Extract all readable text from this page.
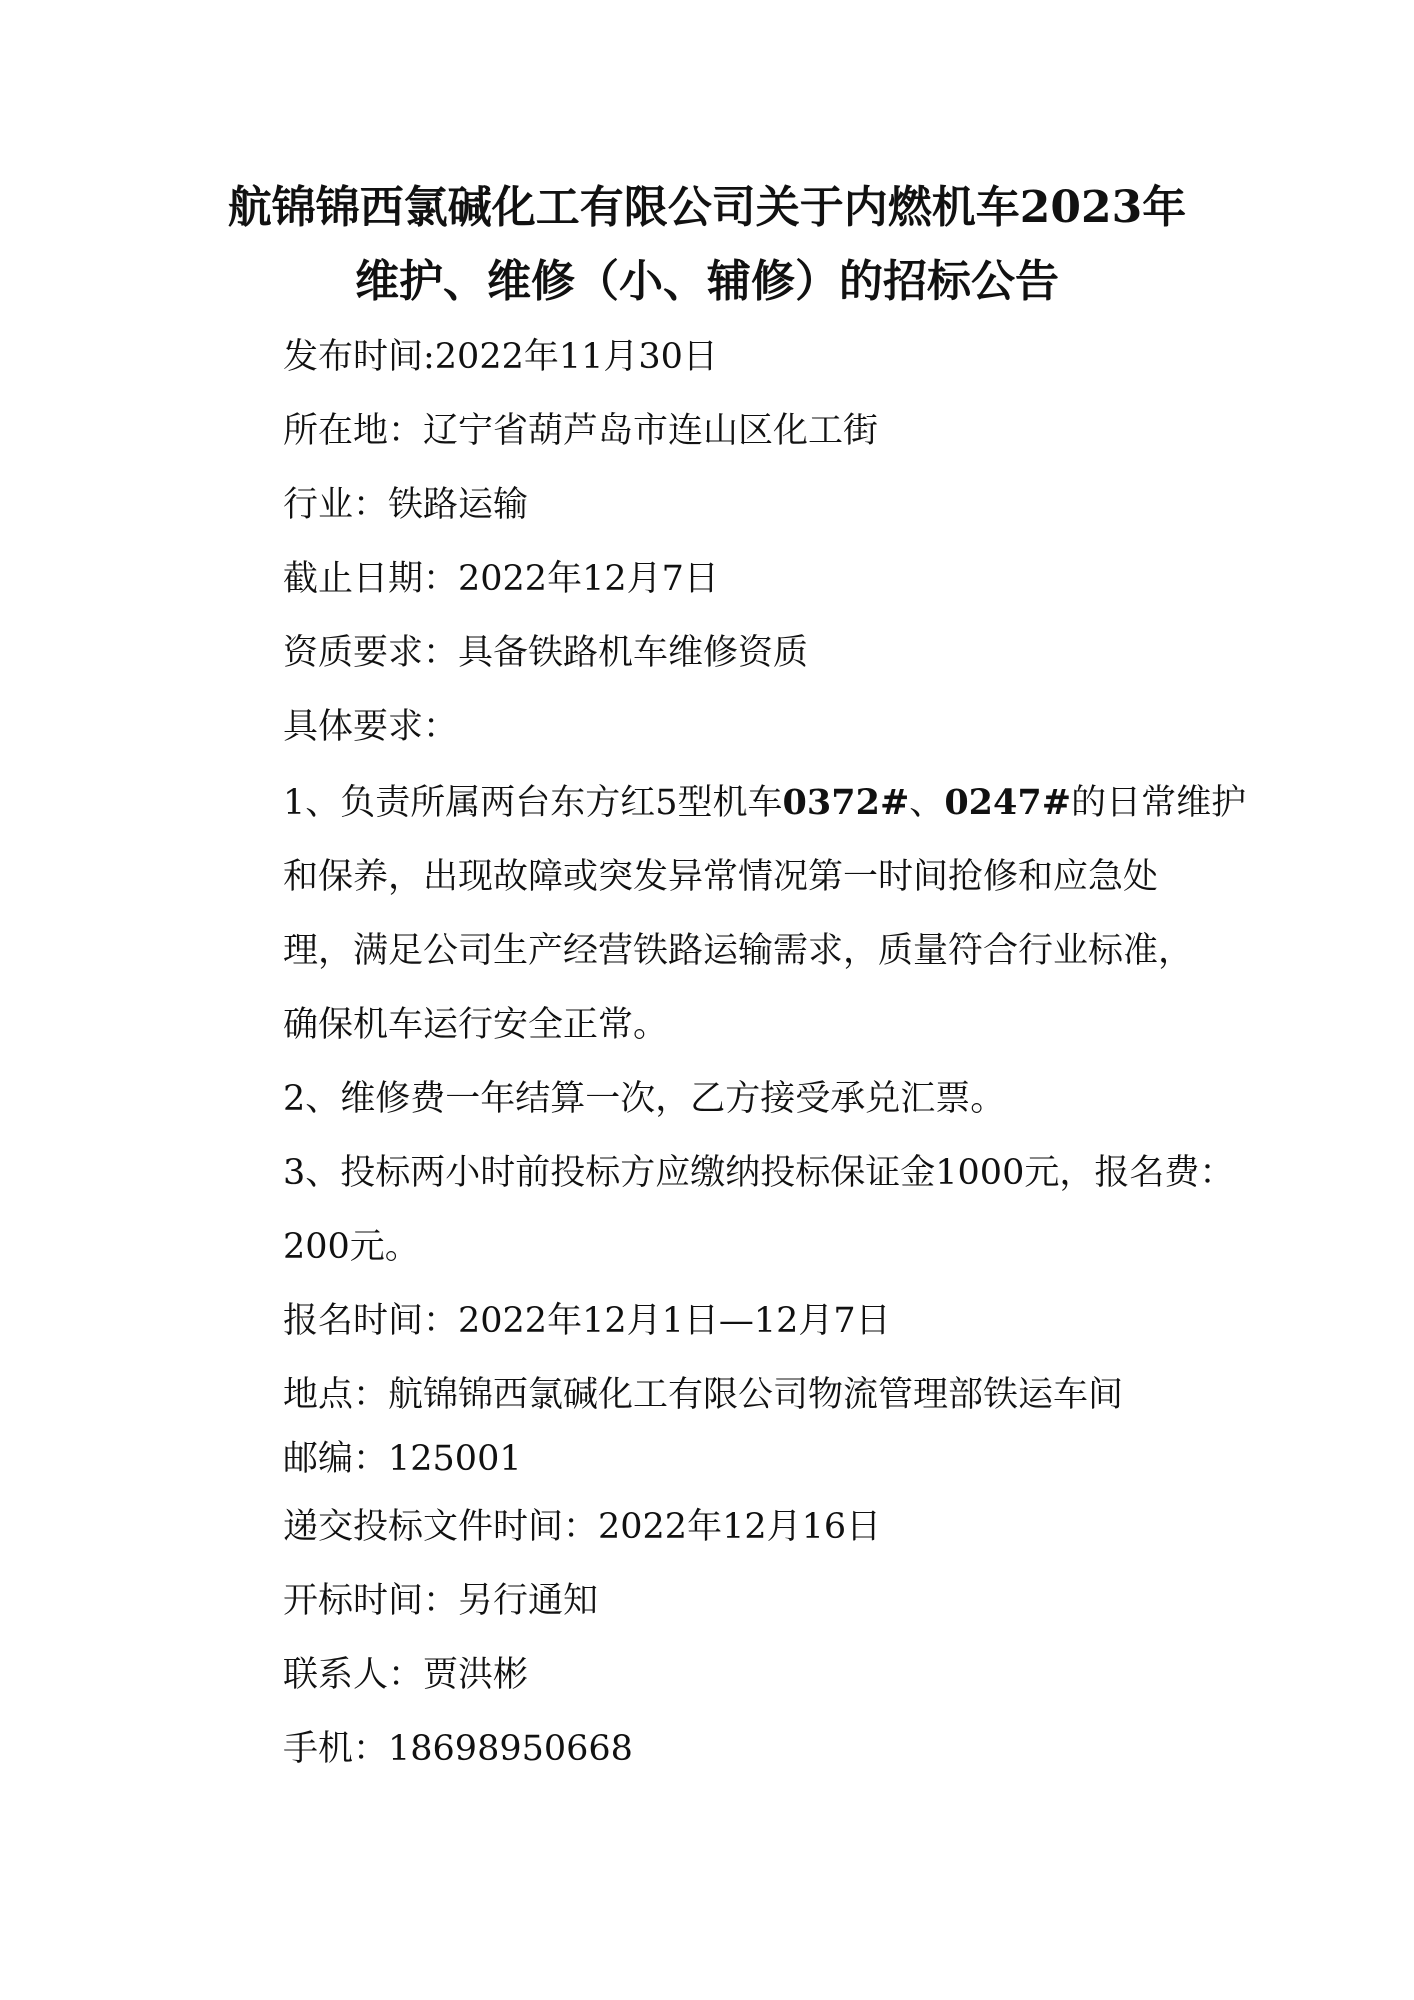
航锦锦西氯碱化工有限公司关于内燃机车2023年
维护、维修（小、辅修）的招标公告
发布时间:2022年11月30日
所在地：辽宁省葫芦岛市连山区化工街
行业：铁路运输
截止日期：2022年12月7日
资质要求：具备铁路机车维修资质
具体要求：
1、负责所属两台东方红5型机车0372#、0247#的日常维护
和保养，出现故障或突发异常情况第一时间抢修和应急处
理，满足公司生产经营铁路运输需求，质量符合行业标准，
确保机车运行安全正常。
2、维修费一年结算一次，乙方接受承兑汇票。
3、投标两小时前投标方应缴纳投标保证金1000元，报名费：
200元。
报名时间：2022年12月1日—12月7日
地点：航锦锦西氯碱化工有限公司物流管理部铁运车间
邮编：125001
递交投标文件时间：2022年12月16日
开标时间：另行通知
联系人：贾洪彬
手机：18698950668
